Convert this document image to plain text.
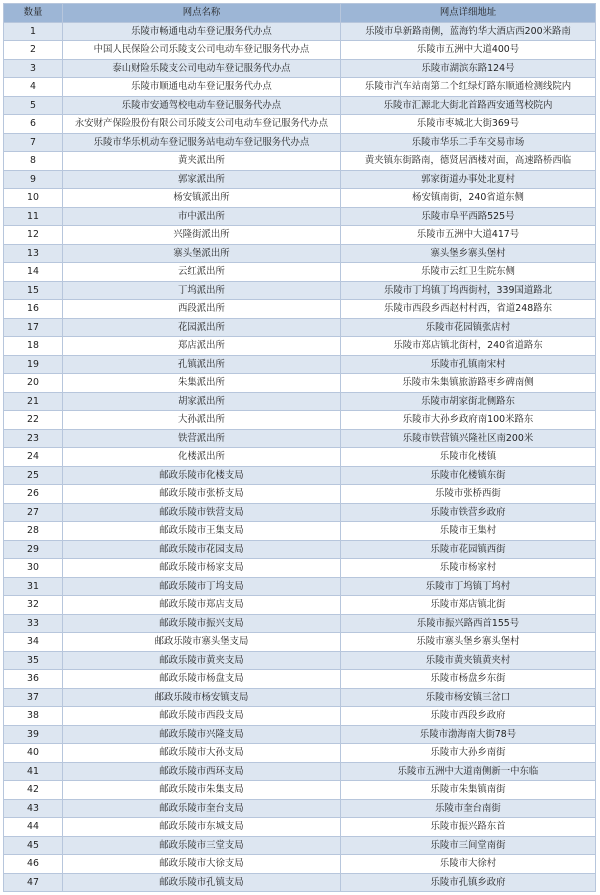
数量	网点名称	网点详细地址
1	乐陵市畅通电动车登记服务代办点	乐陵市阜新路南侧，蓝海钓华大酒店西200米路南
2	中国人民保险公司乐陵支公司电动车登记服务代办点	乐陵市五洲中大道400号
3	泰山财险乐陵支公司电动车登记服务代办点	乐陵市湖滨东路124号
4	乐陵市顺通电动车登记服务代办点	乐陵市汽车站南第二个红绿灯路东顺通检测线院内
5	乐陵市安通驾校电动车登记服务代办点	乐陵市汇源北大街北首路西安通驾校院内
6	永安财产保险股份有限公司乐陵支公司电动车登记服务代办点	乐陵市枣城北大街369号
7	乐陵市华乐机动车登记服务站电动车登记服务代办点	乐陵市华乐二手车交易市场
8	黄夹派出所	黄夹镇东街路南，德贤居酒楼对面，高速路桥西临
9	郭家派出所	郭家街道办事处北夏村
10	杨安镇派出所	杨安镇南街，240省道东侧
11	市中派出所	乐陵市阜平西路525号
12	兴隆街派出所	乐陵市五洲中大道417号
13	寨头堡派出所	寨头堡乡寨头堡村
14	云红派出所	乐陵市云红卫生院东侧
15	丁坞派出所	乐陵市丁坞镇丁坞西街村，339国道路北
16	西段派出所	乐陵市西段乡西赵村村西，省道248路东
17	花园派出所	乐陵市花园镇张店村
18	郑店派出所	乐陵市郑店镇北街村，240省道路东
19	孔镇派出所	乐陵市孔镇南宋村
20	朱集派出所	乐陵市朱集镇旅游路枣乡碑南侧
21	胡家派出所	乐陵市胡家街北侧路东
22	大孙派出所	乐陵市大孙乡政府南100米路东
23	铁营派出所	乐陵市铁营镇兴隆社区南200米
24	化楼派出所	乐陵市化楼镇
25	邮政乐陵市化楼支局	乐陵市化楼镇东街
26	邮政乐陵市张桥支局	乐陵市张桥西街
27	邮政乐陵市铁营支局	乐陵市铁营乡政府
28	邮政乐陵市王集支局	乐陵市王集村
29	邮政乐陵市花园支局	乐陵市花园镇西街
30	邮政乐陵市杨家支局	乐陵市杨家村
31	邮政乐陵市丁坞支局	乐陵市丁坞镇丁坞村
32	邮政乐陵市郑店支局	乐陵市郑店镇北街
33	邮政乐陵市振兴支局	乐陵市振兴路西首155号
34	邮政乐陵市寨头堡支局	乐陵市寨头堡乡寨头堡村
35	邮政乐陵市黄夹支局	乐陵市黄夹镇黄夹村
36	邮政乐陵市杨盘支局	乐陵市杨盘乡东街
37	邮政乐陵市杨安镇支局	乐陵市杨安镇三岔口
38	邮政乐陵市西段支局	乐陵市西段乡政府
39	邮政乐陵市兴隆支局	乐陵市渤海南大街78号
40	邮政乐陵市大孙支局	乐陵市大孙乡南街
41	邮政乐陵市西环支局	乐陵市五洲中大道南侧新一中东临
42	邮政乐陵市朱集支局	乐陵市朱集镇南街
43	邮政乐陵市奎台支局	乐陵市奎台南街
44	邮政乐陵市东城支局	乐陵市振兴路东首
45	邮政乐陵市三堂支局	乐陵市三间堂南街
46	邮政乐陵市大徐支局	乐陵市大徐村
47	邮政乐陵市孔镇支局	乐陵市孔镇乡政府
